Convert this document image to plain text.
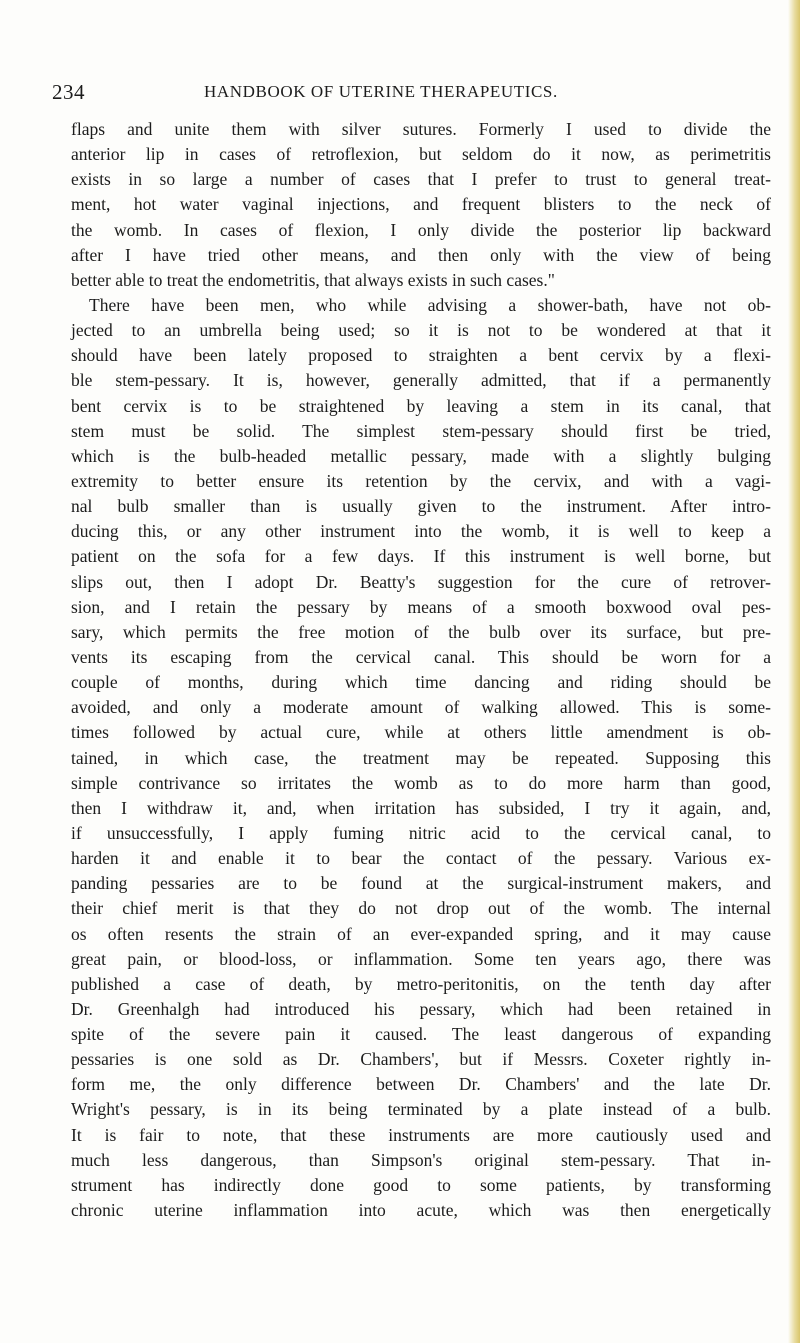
234	HANDBOOK OF UTERINE THERAPEUTICS.
flaps and unite them with silver sutures. Formerly I used to divide the
anterior lip in cases of retroflexion, but seldom do it now, as perimetritis
exists in so large a number of cases that I prefer to trust to general treat-
ment, hot water vaginal injections, and frequent blisters to the neck of
the womb. In cases of flexion, I only divide the posterior lip backward
after I have tried other means, and then only with the view of being
better able to treat the endometritis, that always exists in such cases."
There have been men, who while advising a shower-bath, have not ob-
jected to an umbrella being used; so it is not to be wondered at that it
should have been lately proposed to straighten a bent cervix by a flexi-
ble stem-pessary. It is, however, generally admitted, that if a permanently
bent cervix is to be straightened by leaving a stem in its canal, that
stem must be solid. The simplest stem-pessary should first be tried,
which is the bulb-headed metallic pessary, made with a slightly bulging
extremity to better ensure its retention by the cervix, and with a vagi-
nal bulb smaller than is usually given to the instrument. After intro-
ducing this, or any other instrument into the womb, it is well to keep a
patient on the sofa for a few days. If this instrument is well borne, but
slips out, then I adopt Dr. Beatty's suggestion for the cure of retrover-
sion, and I retain the pessary by means of a smooth boxwood oval pes-
sary, which permits the free motion of the bulb over its surface, but pre-
vents its escaping from the cervical canal. This should be worn for a
couple of months, during which time dancing and riding should be
avoided, and only a moderate amount of walking allowed. This is some-
times followed by actual cure, while at others little amendment is ob-
tained, in which case, the treatment may be repeated. Supposing this
simple contrivance so irritates the womb as to do more harm than good,
then I withdraw it, and, when irritation has subsided, I try it again, and,
if unsuccessfully, I apply fuming nitric acid to the cervical canal, to
harden it and enable it to bear the contact of the pessary. Various ex-
panding pessaries are to be found at the surgical-instrument makers, and
their chief merit is that they do not drop out of the womb. The internal
os often resents the strain of an ever-expanded spring, and it may cause
great pain, or blood-loss, or inflammation. Some ten years ago, there was
published a case of death, by metro-peritonitis, on the tenth day after
Dr. Greenhalgh had introduced his pessary, which had been retained in
spite of the severe pain it caused. The least dangerous of expanding
pessaries is one sold as Dr. Chambers', but if Messrs. Coxeter rightly in-
form me, the only difference between Dr. Chambers' and the late Dr.
Wright's pessary, is in its being terminated by a plate instead of a bulb.
It is fair to note, that these instruments are more cautiously used and
much less dangerous, than Simpson's original stem-pessary. That in-
strument has indirectly done good to some patients, by transforming
chronic uterine inflammation into acute, which was then energetically
